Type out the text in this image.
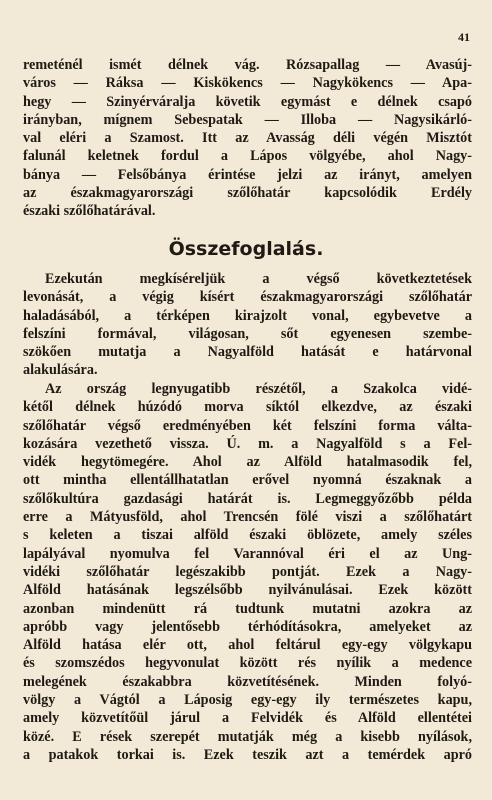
41
remeténél ismét délnek vág. Rózsapallag — Avasúj-
város — Ráksa — Kiskökencs — Nagykökencs — Apa-
hegy — Szinyérváralja követik egymást e délnek csapó
irányban, mígnem Sebespatak — Illoba — Nagysikárló-
val eléri a Szamost. Itt az Avasság déli végén Misztót
falunál keletnek fordul a Lápos völgyébe, ahol Nagy-
bánya — Felsőbánya érintése jelzi az irányt, amelyen
az északmagyarországi szőlőhatár kapcsolódik Erdély
északi szőlőhatárával.
Összefoglalás.
Ezekután megkíséreljük a végső következtetések
levonását, a végig kísért északmagyarországi szőlőhatár
haladásából, a térképen kirajzolt vonal, egybevetve a
felszíni formával, világosan, sőt egyenesen szembe-
szökően mutatja a Nagyalföld hatását e határvonal
alakulására.
Az ország legnyugatibb részétől, a Szakolca vidé-
kétől délnek húzódó morva síktól elkezdve, az északi
szőlőhatár végső eredményében két felszíni forma válta-
kozására vezethető vissza. Ú. m. a Nagyalföld s a Fel-
vidék hegytömegére. Ahol az Alföld hatalmasodik fel,
ott mintha ellentállhatatlan erővel nyomná északnak a
szőlőkultúra gazdasági határát is. Legmeggyőzőbb példa
erre a Mátyusföld, ahol Trencsén fölé viszi a szőlőhatárt
s keleten a tiszai alföld északi öblözete, amely széles
lapályával nyomulva fel Varannóval éri el az Ung-
vidéki szőlőhatár legészakibb pontját. Ezek a Nagy-
Alföld hatásának legszélsőbb nyilvánulásai. Ezek között
azonban mindenütt rá tudtunk mutatni azokra az
apróbb vagy jelentősebb térhódításokra, amelyeket az
Alföld hatása elér ott, ahol feltárul egy-egy völgykapu
és szomszédos hegyvonulat között rés nyílik a medence
melegének északabbra közvetítésének. Minden folyó-
völgy a Vágtól a Láposig egy-egy ily természetes kapu,
amely közvetítőül járul a Felvidék és Alföld ellentétei
közé. E rések szerepét mutatják még a kisebb nyílások,
a patakok torkai is. Ezek teszik azt a temérdek apró
